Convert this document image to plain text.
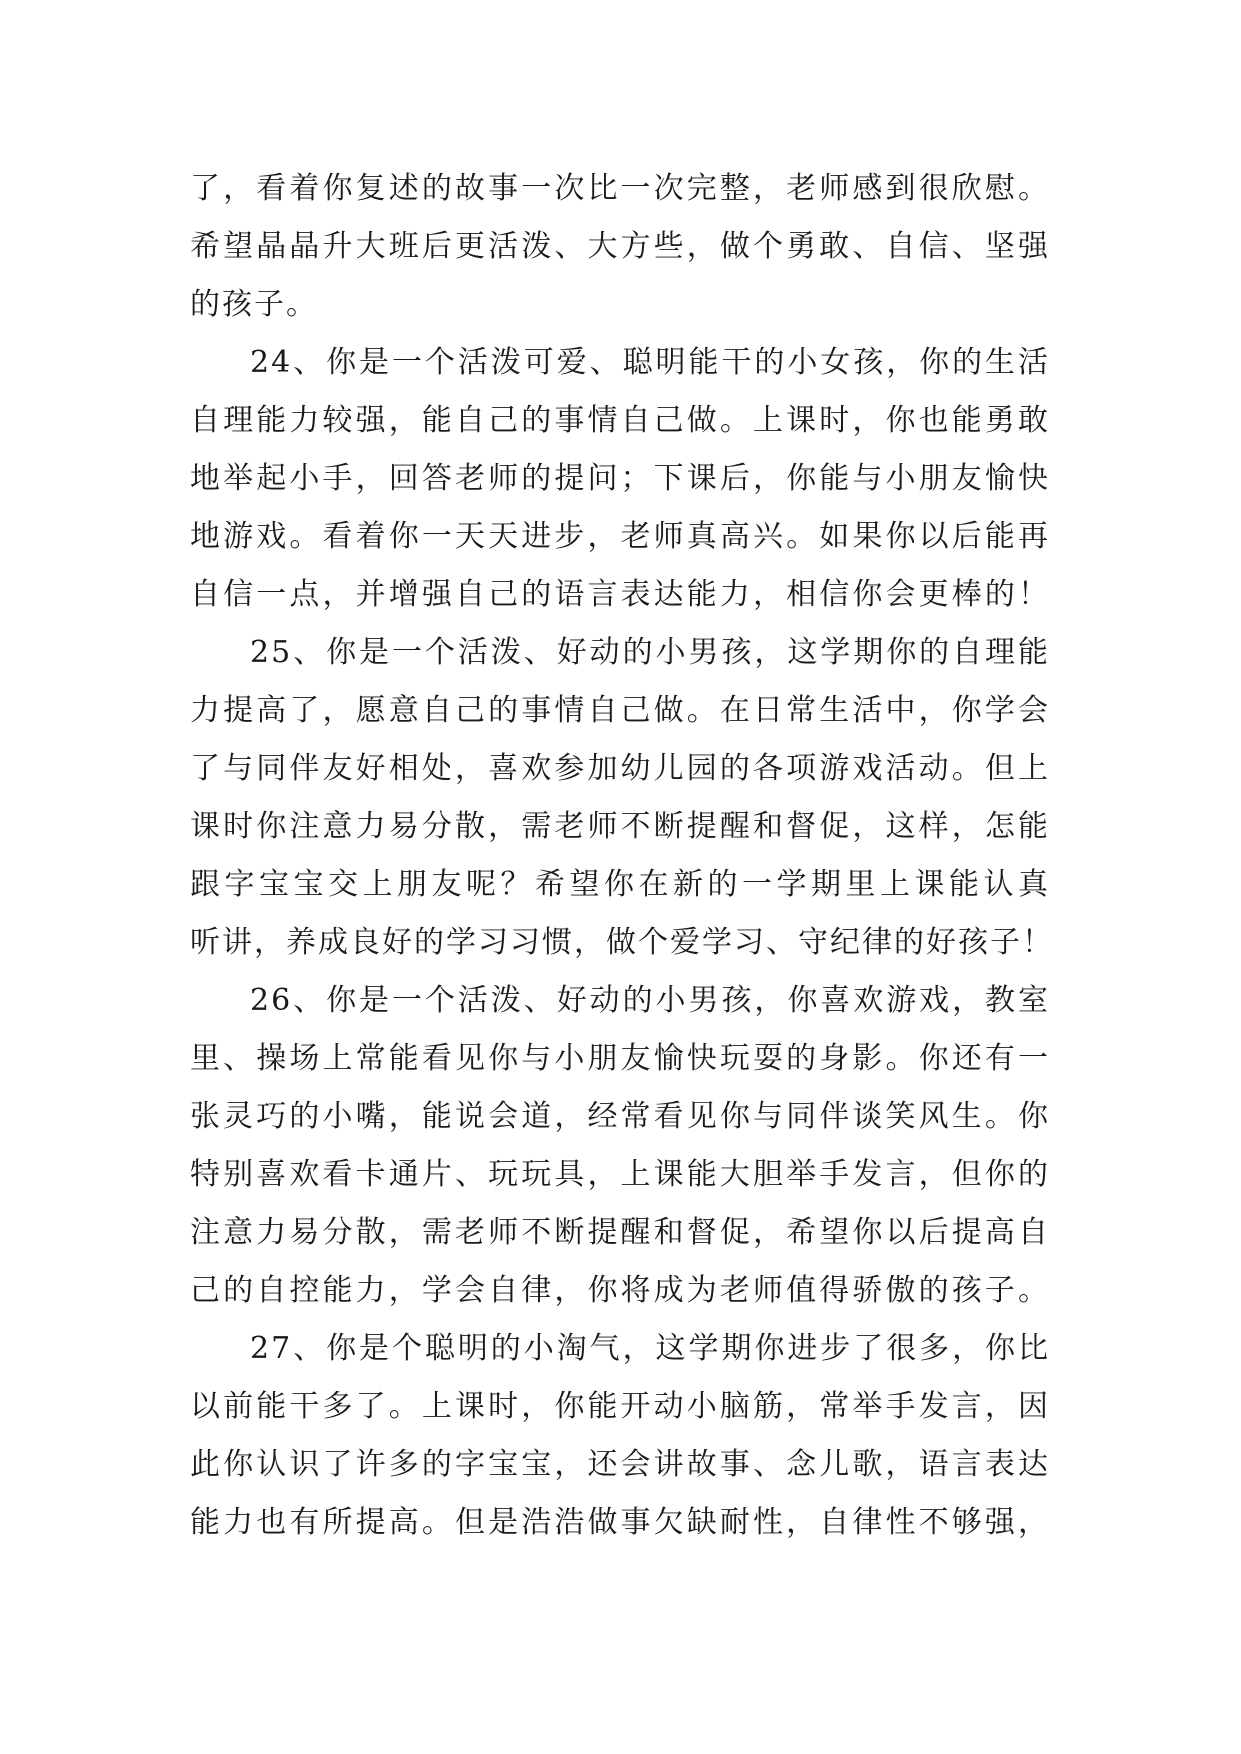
了，看着你复述的故事一次比一次完整，老师感到很欣慰。
希望晶晶升大班后更活泼、大方些，做个勇敢、自信、坚强
的孩子。
24、你是一个活泼可爱、聪明能干的小女孩，你的生活
自理能力较强，能自己的事情自己做。上课时，你也能勇敢
地举起小手，回答老师的提问；下课后，你能与小朋友愉快
地游戏。看着你一天天进步，老师真高兴。如果你以后能再
自信一点，并增强自己的语言表达能力，相信你会更棒的！
25、你是一个活泼、好动的小男孩，这学期你的自理能
力提高了，愿意自己的事情自己做。在日常生活中，你学会
了与同伴友好相处，喜欢参加幼儿园的各项游戏活动。但上
课时你注意力易分散，需老师不断提醒和督促，这样，怎能
跟字宝宝交上朋友呢？希望你在新的一学期里上课能认真
听讲，养成良好的学习习惯，做个爱学习、守纪律的好孩子！
26、你是一个活泼、好动的小男孩，你喜欢游戏，教室
里、操场上常能看见你与小朋友愉快玩耍的身影。你还有一
张灵巧的小嘴，能说会道，经常看见你与同伴谈笑风生。你
特别喜欢看卡通片、玩玩具，上课能大胆举手发言，但你的
注意力易分散，需老师不断提醒和督促，希望你以后提高自
己的自控能力，学会自律，你将成为老师值得骄傲的孩子。
27、你是个聪明的小淘气，这学期你进步了很多，你比
以前能干多了。上课时，你能开动小脑筋，常举手发言，因
此你认识了许多的字宝宝，还会讲故事、念儿歌，语言表达
能力也有所提高。但是浩浩做事欠缺耐性，自律性不够强，
